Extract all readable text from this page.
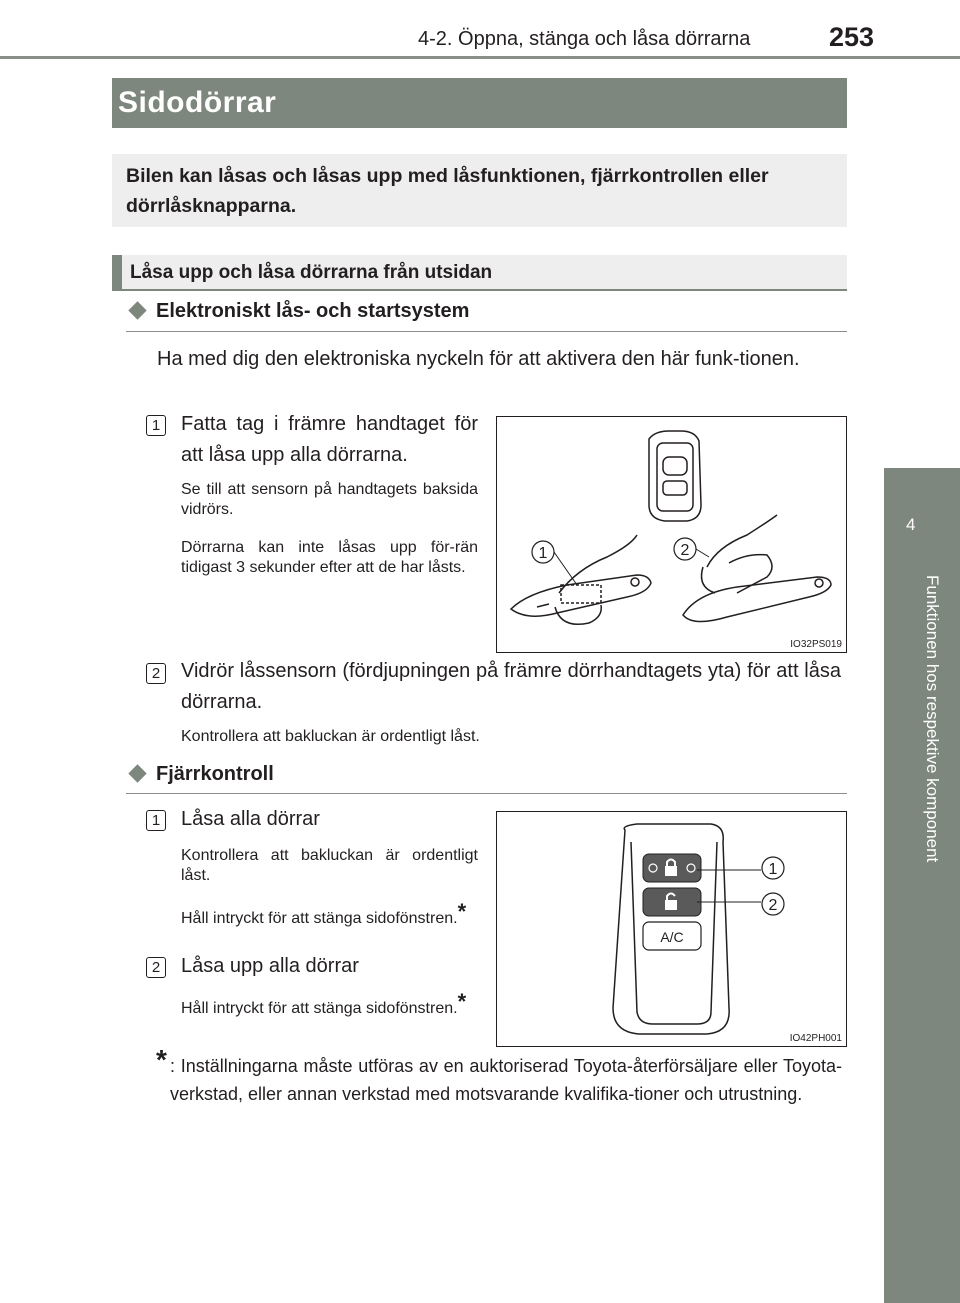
4-2. Öppna, stänga och låsa dörrarna	253
4
Funktionen hos respektive komponent
Sidodörrar
Bilen kan låsas och låsas upp med låsfunktionen, fjärrkontrollen eller dörrlåsknapparna.
Låsa upp och låsa dörrarna från utsidan
Elektroniskt lås- och startsystem
Ha med dig den elektroniska nyckeln för att aktivera den här funk-tionen.
1 Fatta tag i främre handtaget för att låsa upp alla dörrarna.
Se till att sensorn på handtagets baksida vidrörs.
Dörrarna kan inte låsas upp för-rän tidigast 3 sekunder efter att de har låsts.
1	2
IO32PS019
2 Vidrör låssensorn (fördjupningen på främre dörrhandtagets yta) för att låsa dörrarna.
Kontrollera att bakluckan är ordentligt låst.
Fjärrkontroll
1 Låsa alla dörrar
Kontrollera att bakluckan är ordentligt låst.
Håll intryckt för att stänga sidofönstren.*
2 Låsa upp alla dörrar
Håll intryckt för att stänga sidofönstren.*
A/C
1
2
IO42PH001
* : Inställningarna måste utföras av en auktoriserad Toyota-återförsäljare eller Toyota-verkstad, eller annan verkstad med motsvarande kvalifika-tioner och utrustning.
